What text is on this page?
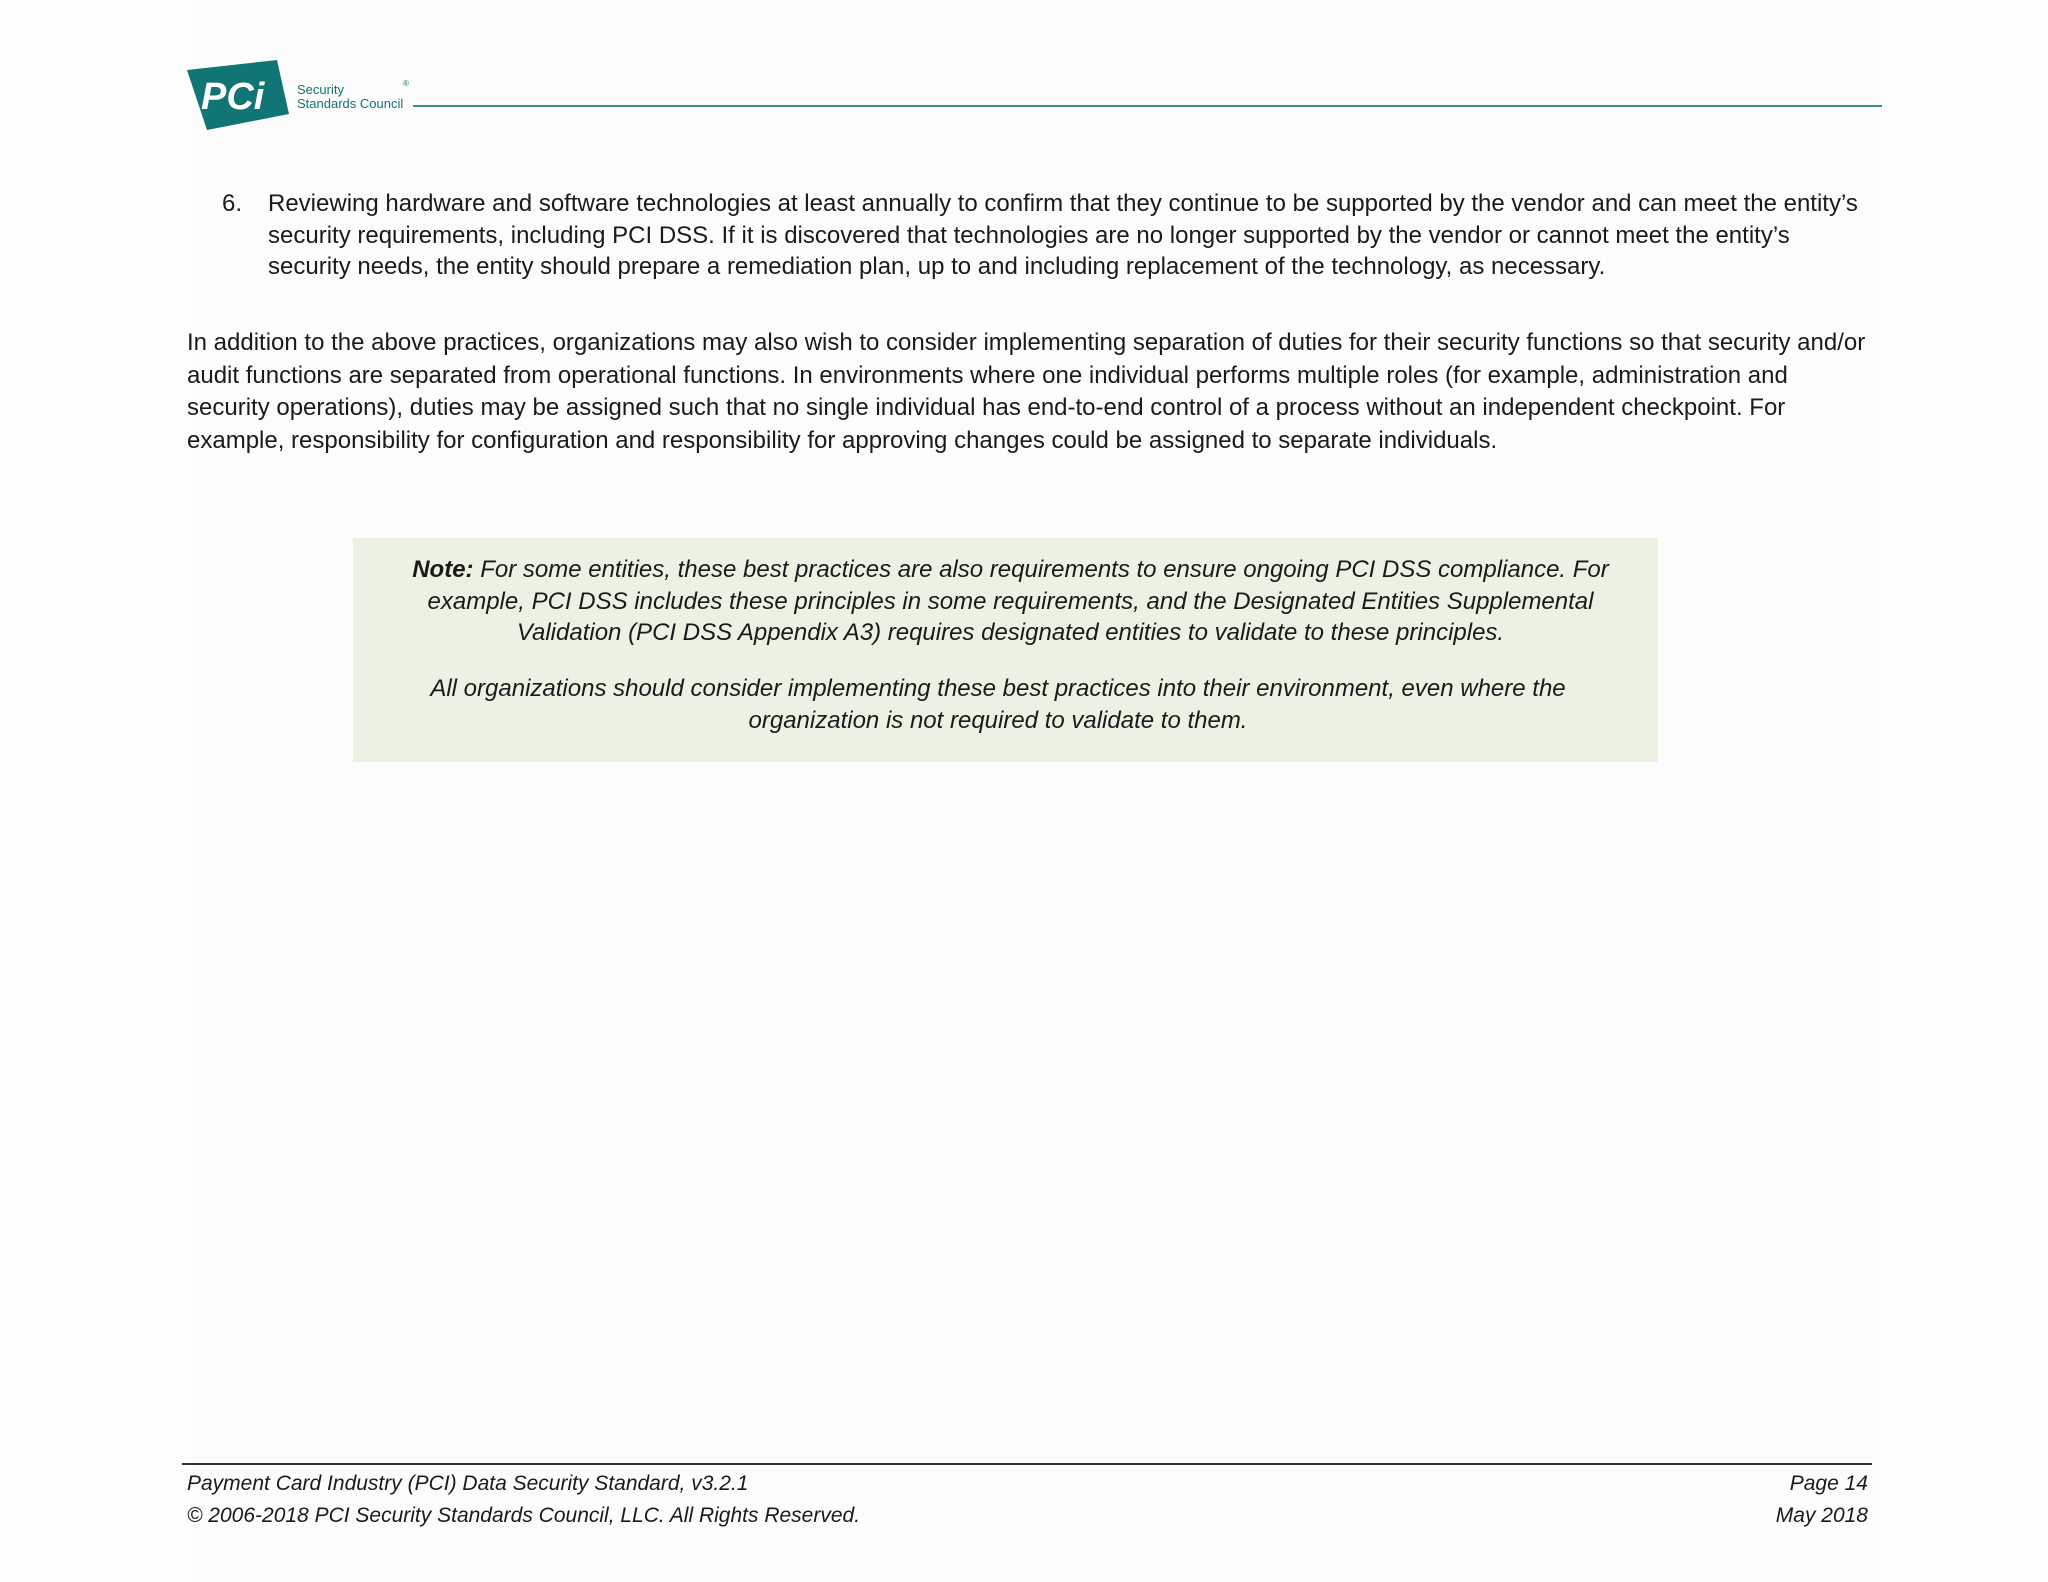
PCi	Security
Standards Council
®
6.	Reviewing hardware and software technologies at least annually to confirm that they continue to be supported by the vendor and can meet the entity’s security requirements, including PCI DSS. If it is discovered that technologies are no longer supported by the vendor or cannot meet the entity’s security needs, the entity should prepare a remediation plan, up to and including replacement of the technology, as necessary.
In addition to the above practices, organizations may also wish to consider implementing separation of duties for their security functions so that security and/or audit functions are separated from operational functions. In environments where one individual performs multiple roles (for example, administration and security operations), duties may be assigned such that no single individual has end-to-end control of a process without an independent checkpoint. For example, responsibility for configuration and responsibility for approving changes could be assigned to separate individuals.
Note: For some entities, these best practices are also requirements to ensure ongoing PCI DSS compliance. For example, PCI DSS includes these principles in some requirements, and the Designated Entities Supplemental Validation (PCI DSS Appendix A3) requires designated entities to validate to these principles.
All organizations should consider implementing these best practices into their environment, even where the organization is not required to validate to them.
Payment Card Industry (PCI) Data Security Standard, v3.2.1
© 2006-2018 PCI Security Standards Council, LLC. All Rights Reserved.
Page 14
May 2018
